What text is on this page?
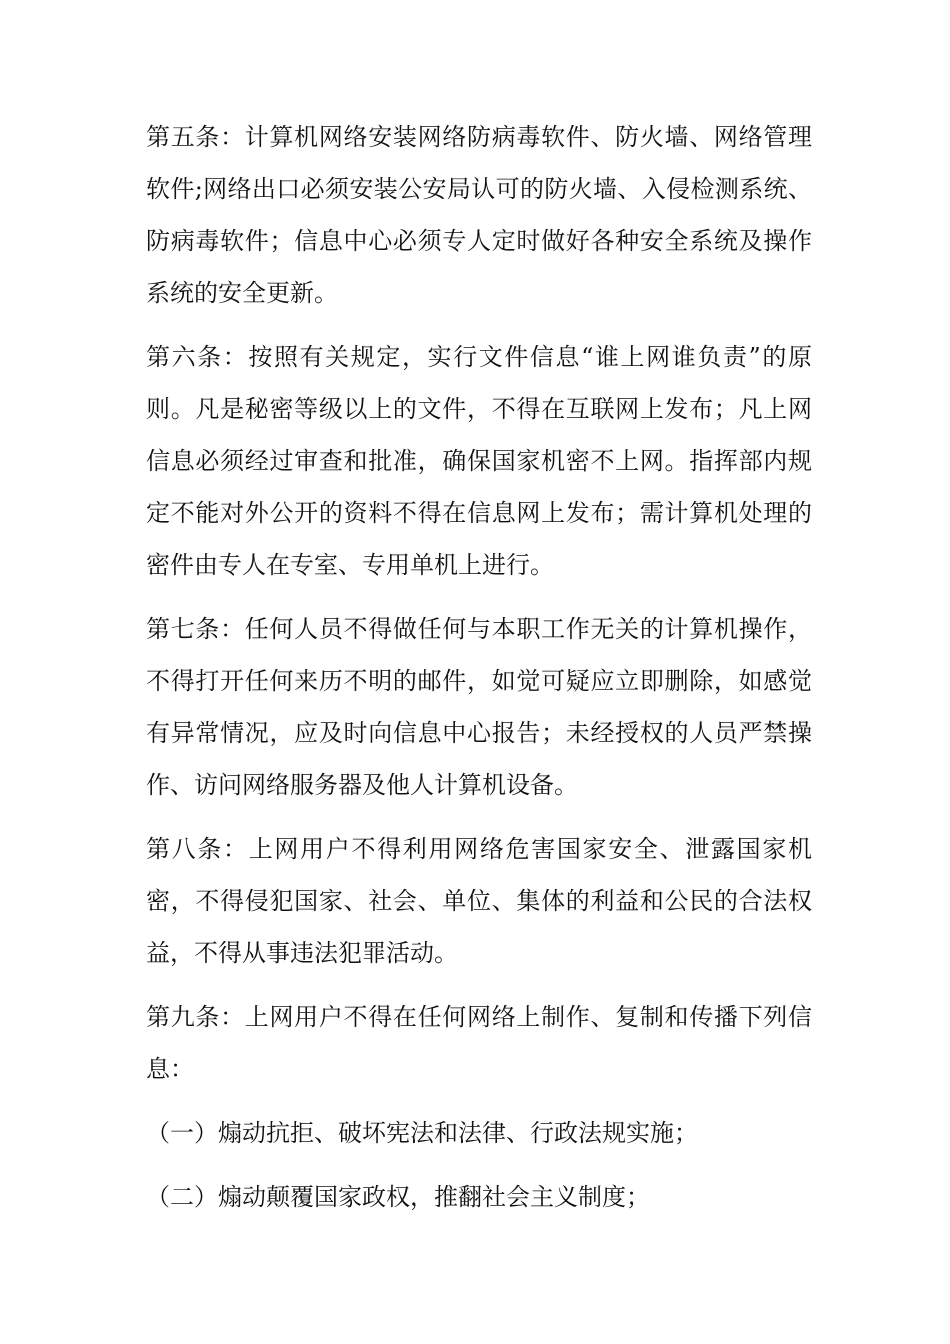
第五条：计算机网络安装网络防病毒软件、防火墙、网络管理软件;网络出口必须安装公安局认可的防火墙、入侵检测系统、防病毒软件；信息中心必须专人定时做好各种安全系统及操作系统的安全更新。

第六条：按照有关规定，实行文件信息“谁上网谁负责”的原则。凡是秘密等级以上的文件，不得在互联网上发布；凡上网信息必须经过审查和批准，确保国家机密不上网。指挥部内规定不能对外公开的资料不得在信息网上发布；需计算机处理的密件由专人在专室、专用单机上进行。

第七条：任何人员不得做任何与本职工作无关的计算机操作，不得打开任何来历不明的邮件，如觉可疑应立即删除，如感觉有异常情况，应及时向信息中心报告；未经授权的人员严禁操作、访问网络服务器及他人计算机设备。

第八条：上网用户不得利用网络危害国家安全、泄露国家机密，不得侵犯国家、社会、单位、集体的利益和公民的合法权益，不得从事违法犯罪活动。

第九条：上网用户不得在任何网络上制作、复制和传播下列信息：

（一）煽动抗拒、破坏宪法和法律、行政法规实施；

（二）煽动颠覆国家政权，推翻社会主义制度；
